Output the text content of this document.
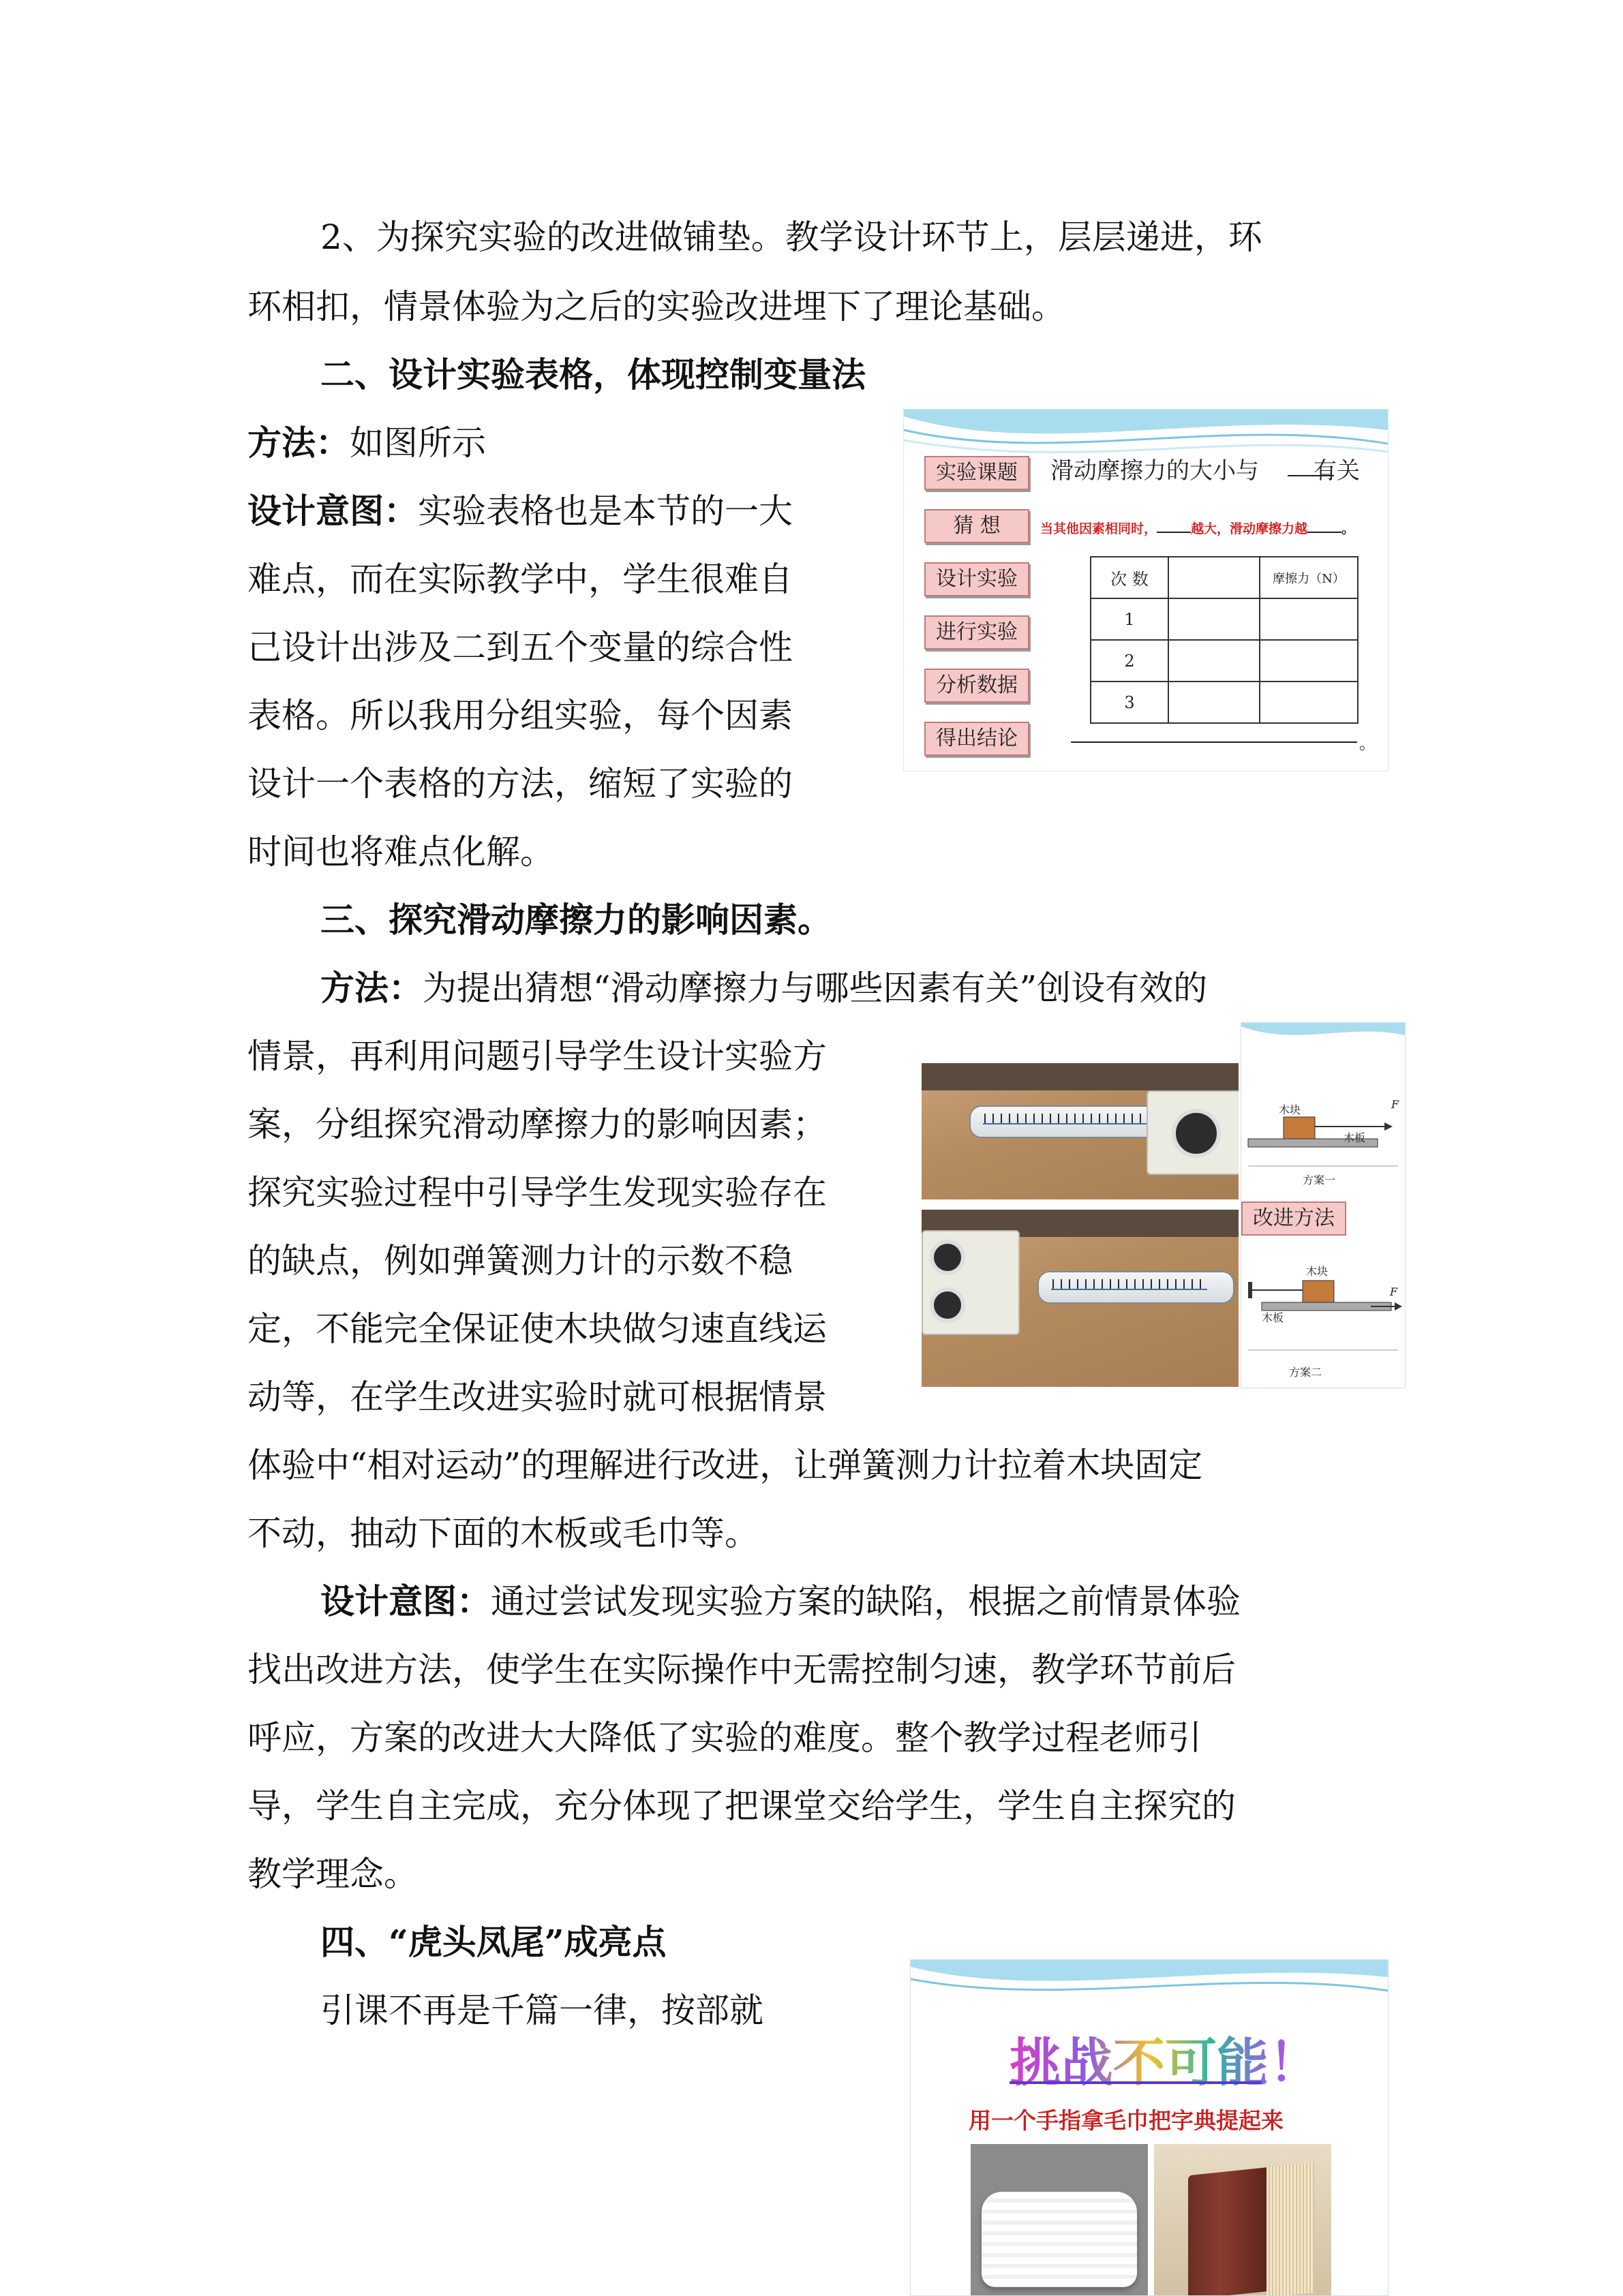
2、为探究实验的改进做铺垫。教学设计环节上，层层递进，环
环相扣，情景体验为之后的实验改进埋下了理论基础。
二、设计实验表格，体现控制变量法
方法：如图所示
设计意图：实验表格也是本节的一大
难点，而在实际教学中，学生很难自
己设计出涉及二到五个变量的综合性
表格。所以我用分组实验，每个因素
设计一个表格的方法，缩短了实验的
时间也将难点化解。
实验课题
猜 想
设计实验
进行实验
分析数据
得出结论
滑动摩擦力的大小与 有关
当其他因素相同时，	越大，滑动摩擦力越	。
次 数		摩擦力（N）
1		
2		
3		
。
三、探究滑动摩擦力的影响因素。
方法：为提出猜想“滑动摩擦力与哪些因素有关”创设有效的
情景，再利用问题引导学生设计实验方
案，分组探究滑动摩擦力的影响因素；
探究实验过程中引导学生发现实验存在
的缺点，例如弹簧测力计的示数不稳
定，不能完全保证使木块做匀速直线运
动等，在学生改进实验时就可根据情景
体验中“相对运动”的理解进行改进，让弹簧测力计拉着木块固定
不动，抽动下面的木板或毛巾等。
木块
木板
F
方案一
改进方法
木块
木板
F
方案二
设计意图：通过尝试发现实验方案的缺陷，根据之前情景体验
找出改进方法，使学生在实际操作中无需控制匀速，教学环节前后
呼应，方案的改进大大降低了实验的难度。整个教学过程老师引
导，学生自主完成，充分体现了把课堂交给学生，学生自主探究的
教学理念。
四、“虎头凤尾”成亮点
引课不再是千篇一律，按部就
挑战不可能！
用一个手指拿毛巾把字典提起来
